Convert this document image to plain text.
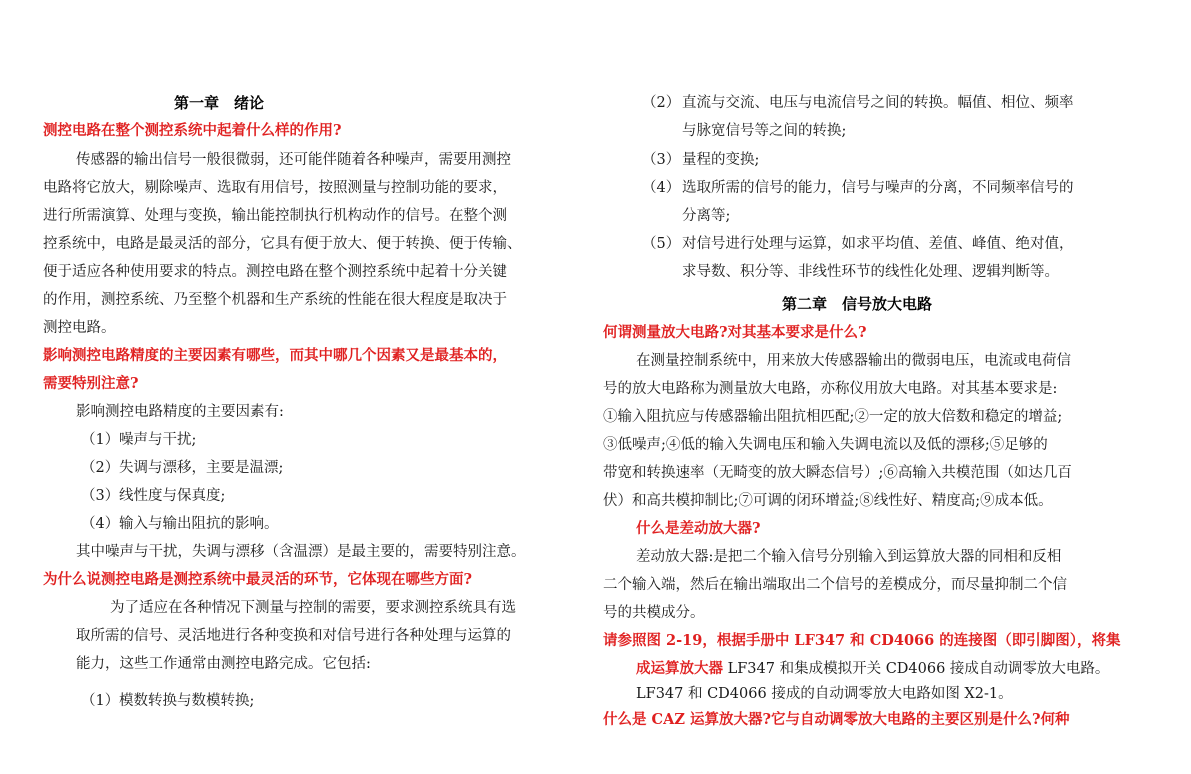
第一章　绪论
测控电路在整个测控系统中起着什么样的作用?
传感器的输出信号一般很微弱，还可能伴随着各种噪声，需要用测控
电路将它放大，剔除噪声、选取有用信号，按照测量与控制功能的要求，
进行所需演算、处理与变换，输出能控制执行机构动作的信号。在整个测
控系统中，电路是最灵活的部分，它具有便于放大、便于转换、便于传输、
便于适应各种使用要求的特点。测控电路在整个测控系统中起着十分关键
的作用，测控系统、乃至整个机器和生产系统的性能在很大程度是取决于
测控电路。
影响测控电路精度的主要因素有哪些，而其中哪几个因素又是最基本的，
需要特别注意?
影响测控电路精度的主要因素有:
（1）噪声与干扰;
（2）失调与漂移，主要是温漂;
（3）线性度与保真度;
（4）输入与输出阻抗的影响。
其中噪声与干扰，失调与漂移（含温漂）是最主要的，需要特别注意。
为什么说测控电路是测控系统中最灵活的环节，它体现在哪些方面?
为了适应在各种情况下测量与控制的需要，要求测控系统具有选
取所需的信号、灵活地进行各种变换和对信号进行各种处理与运算的
能力，这些工作通常由测控电路完成。它包括:
（1）模数转换与数模转换;
（2） 直流与交流、电压与电流信号之间的转换。幅值、相位、频率
与脉宽信号等之间的转换;
（3） 量程的变换;
（4） 选取所需的信号的能力，信号与噪声的分离，不同频率信号的
分离等;
（5） 对信号进行处理与运算，如求平均值、差值、峰值、绝对值，
求导数、积分等、非线性环节的线性化处理、逻辑判断等。
第二章　信号放大电路
何谓测量放大电路?对其基本要求是什么?
在测量控制系统中，用来放大传感器输出的微弱电压，电流或电荷信
号的放大电路称为测量放大电路，亦称仪用放大电路。对其基本要求是:
①输入阻抗应与传感器输出阻抗相匹配;②一定的放大倍数和稳定的增益;
③低噪声;④低的输入失调电压和输入失调电流以及低的漂移;⑤足够的
带宽和转换速率（无畸变的放大瞬态信号）;⑥高输入共模范围（如达几百
伏）和高共模抑制比;⑦可调的闭环增益;⑧线性好、精度高;⑨成本低。
什么是差动放大器?
差动放大器:是把二个输入信号分别输入到运算放大器的同相和反相
二个输入端，然后在输出端取出二个信号的差模成分，而尽量抑制二个信
号的共模成分。
请参照图 2-19，根据手册中 LF347 和 CD4066 的连接图（即引脚图），将集
成运算放大器 LF347 和集成模拟开关 CD4066 接成自动调零放大电路。
LF347 和 CD4066 接成的自动调零放大电路如图 X2-1。
什么是 CAZ 运算放大器?它与自动调零放大电路的主要区别是什么?何种
